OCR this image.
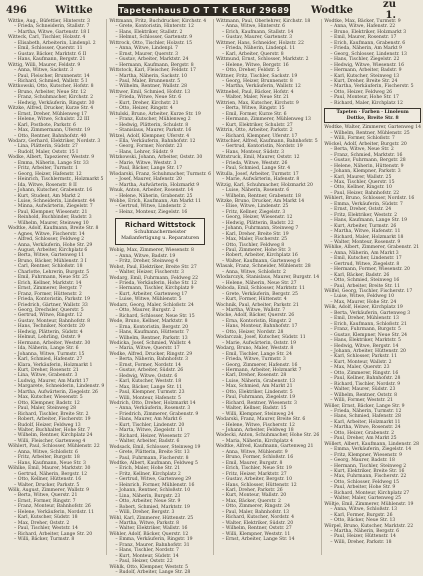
496	Wittke	Tapetenhaus D O T T K E Ruf 29689	Wodtke	zu 1.
Wittke, Aug., Büfettier, Hinterstr. 3
– Frieda, Schneiderin, Stallstr. 7
– Martha, Witwe, Gartenstr. 18 I
Witteck, Carl, Tischler, Holzstr. 4
– Elisabeth, Arbeiterin, Lindenpl. 2
– Emil, Schlosser, Querstr. 11
– Gustav, Bäcker, Marktstr. 6 II
– Hans, Kaufmann, Bergstr. 21
Wittig, Willi, Maurer, Feldstr. 9
– Anna, Witwe, Sackstr. 3
– Paul, Fleischer, Brunnenstr. 14
– Richard, Schmied, Wallstr. 5 I
Wittkowski, Otto, Kutscher, Hofstr. 8
– Bruno, Arbeiter, Neue Str. 12
– Franz, Schuhmacher, Kirchstr. 2
– Hedwig, Verkäuferin, Ringstr. 30
Witzke, Alfred, Drucker, Kurze Str. 4
– Ernst, Dreher, Mühlenweg 17
– Helene, Witwe, Schulstr. 22 III
– Karl, Postbote, Parkstr. 6
– Max, Zimmermann, Uferstr. 19
– Otto, Rentner, Bahnhofstr. 40
Wodarz, Gerhard, Elektriker, Nordstr. 3
– Lina, Plätterin, Südstr. 27
– Rudolf, Maler, Oststr. 15 I
Wodke, Albert, Tapezierer, Weststr. 9
– Emma, Näherin, Lange Str. 33
– Fritz, Arbeiter, Turmstr. 1
– Georg, Heizer, Hafenstr. 12
– Heinrich, Tischlermstr., Holzmarkt 5
– Ida, Witwe, Rosenstr. 8 II
– Johann, Kutscher, Grabenstr. 16
– Kurt, Student, Am Markt 2
– Luise, Schneiderin, Lindenstr. 44
– Minna, Aufwärterin, Ziegelstr. 7
– Paul, Klempner, Wiesenstr. 21
– Reinhold, Buchbinder, Badstr. 3
– Wilhelm, Maurer, Steinweg 10
Wodtke, Adolf, Kaufmann, Breite Str. 8
– Agnes, Witwe, Fischerstr. 14
– Alfred, Schlosser, Feldweg 2
– Anna, Verkäuferin, Hohe Str. 29
– August, Arbeiter, Kirchplatz 6
– Berta, Witwe, Gartenweg 11
– Bruno, Bäcker, Mühlenstr. 3 I
– Carl, Rentner, Schloßstr. 18
– Charlotte, Lehrerin, Burgstr. 5
– Emil, Fuhrmann, Neue Str. 25
– Erich, Kellner, Marktstr. 14
– Ernst, Zimmerer, Bergstr. 7
– Franz, Former, Hüttenstr. 2
– Frieda, Kontoristin, Parkstr. 19
– Friedrich, Gärtner, Wallstr. 33
– Georg, Drechsler, Querstr. 5
– Gertrud, Witwe, Ringstr. 12
– Gustav, Monteur, Bahnhofstr. 8
– Hans, Techniker, Nordstr. 20
– Hedwig, Plätterin, Südstr. 4
– Helmut, Lehrling, Oststr. 9
– Hermann, Arbeiter, Weststr. 30
– Ida, Näherin, Lange Str. 6
– Johanna, Witwe, Turmstr. 15
– Karl, Schmied, Hafenstr. 27
– Klara, Verkäuferin, Holzmarkt 1
– Kurt, Dreher, Rosenstr. 21
– Lina, Witwe, Grabenstr. 3
– Ludwig, Maurer, Am Markt 17
– Margarete, Schneiderin, Lindenstr. 9
– Martha, Aufwärterin, Ziegelstr. 26
– Max, Kutscher, Wiesenstr. 5
– Otto, Klempner, Badstr. 12
– Paul, Maler, Steinweg 28
– Richard, Tischler, Breite Str. 2
– Robert, Arbeiter, Fischerstr. 19
– Rudolf, Heizer, Feldweg 13
– Walter, Buchhalter, Hohe Str. 7
– Wilhelm, Rentner, Kirchplatz 24
– Willi, Fleischer, Gartenweg 4
Wöhlert, Paul, Schlosser, Mühlenstr. 22
– Anna, Witwe, Schloßstr. 6
– Fritz, Arbeiter, Burgstr. 18
– Hans, Kaufmann, Neue Str. 3
Wöhlke, Emil, Maurer, Marktstr. 30
– Gertrud, Näherin, Bergstr. 12
– Otto, Kellner, Hüttenstr. 16
– Walter, Drucker, Parkstr. 5
Wölk, August, Zimmerer, Wallstr. 9
– Berta, Witwe, Querstr. 21
– Ernst, Former, Ringstr. 7
– Franz, Monteur, Bahnhofstr. 26
– Helene, Verkäuferin, Nordstr. 11
– Karl, Kutscher, Südstr. 18
– Max, Dreher, Oststr. 2
– Paul, Tischler, Weststr. 14
– Richard, Arbeiter, Lange Str. 20
– Willi, Bäcker, Turmstr. 8
Wittmann, Fritz, Buchdrucker, Kirchstr. 4
– Grete, Kontoristin, Hinterstr. 12
– Hans, Elektriker, Stallstr. 2
– Helmut, Schlosser, Gartenstr. 9
Wittrock, Otto, Tischler, Holzstr. 15
– Anna, Witwe, Lindenpl. 7
– Ernst, Maurer, Querstr. 3
– Gustav, Arbeiter, Marktstr. 24
– Hermann, Kaufmann, Bergstr. 8
Wittstock, Karl, Fleischer, Feldstr. 17
– Martha, Näherin, Sackstr. 10
– Paul, Maler, Brunnenstr. 5
– Wilhelm, Rentner, Wallstr. 28
Wittwer, Emil, Schmied, Hofstr. 13
– Frieda, Witwe, Neue Str. 6
– Kurt, Dreher, Kirchstr. 21
– Otto, Heizer, Ringstr. 4
Witulski, Bruno, Arbeiter, Kurze Str. 19
– Franz, Kutscher, Mühlenweg 2
– Hedwig, Plätterin, Schulstr. 8
– Stanislaus, Maurer, Parkstr. 16
Witzel, Adolf, Klempner, Uferstr. 4
– Ella, Verkäuferin, Bahnhofstr. 12
– Georg, Former, Nordstr. 23
– Hans, Lehrer, Südstr. 9
Witzkowski, Johann, Arbeiter, Oststr. 30
– Marie, Witwe, Weststr. 3
– Paul, Bäcker, Lange Str. 17
Wlodarski, Franz, Schuhmacher, Turmstr. 6
– Josef, Maurer, Hafenstr. 20
– Martha, Aufwärterin, Holzmarkt 9
Wnuk, Anton, Arbeiter, Rosenstr. 14
– Helene, Näherin, Grabenstr. 25
Wobbe, Erich, Kaufmann, Am Markt 11
– Gertrud, Witwe, Lindenstr. 2
– Heinz, Monteur, Ziegelstr. 16
Richard Wittstock
Schuhmachermeister
Maßanfertigung u. Reparaturen
Wobig, Max, Zimmerer, Wiesenstr. 8
– Anna, Witwe, Badstr. 19
– Fritz, Dreher, Steinweg 4
Wobst, Paul, Elektriker, Breite Str. 27
– Walter, Heizer, Fischerstr. 3
Wodarg, Emil, Fuhrmann, Feldweg 22
– Frieda, Verkäuferin, Hohe Str. 12
– Hermann, Tischler, Kirchplatz 9
– Kurt, Arbeiter, Gartenweg 17
– Luise, Witwe, Mühlenstr. 5
Wodarz, Georg, Maler, Schloßstr. 24
– Otto, Maurer, Burgstr. 2
– Richard, Schlosser, Neue Str. 15
Wode, Bruno, Kellner, Marktstr. 8
– Erna, Kontoristin, Bergstr. 20
– Hans, Kaufmann, Hüttenstr. 7
– Wilhelm, Rentner, Parkstr. 13
Wodicka, Josef, Schmied, Wallstr. 4
– Maria, Witwe, Querstr. 17
Wodke, Alfred, Drucker, Ringstr. 29
– Berta, Näherin, Bahnhofstr. 3
– Ernst, Former, Nordstr. 14
– Gustav, Arbeiter, Südstr. 26
– Hedwig, Witwe, Oststr. 6
– Karl, Kutscher, Weststr. 18
– Max, Bäcker, Lange Str. 11
– Paul, Klempner, Turmstr. 23
– Willi, Monteur, Hafenstr. 5
Wodrich, Otto, Dreher, Holzmarkt 14
– Anna, Verkäuferin, Rosenstr. 3
– Friedrich, Zimmerer, Grabenstr. 9
– Hans, Maurer, Am Markt 6
– Kurt, Tischler, Lindenstr. 20
– Marta, Witwe, Ziegelstr. 11
– Richard, Heizer, Wiesenstr. 27
– Walter, Arbeiter, Badstr. 6
Wodsack, Emil, Schlosser, Steinweg 19
– Grete, Plätterin, Breite Str. 13
– Paul, Fuhrmann, Fischerstr. 8
Wodtke, Albert, Kaufmann, Feldweg 5
– Erich, Maler, Hohe Str. 21
– Fritz, Kellner, Kirchplatz 2
– Gertrud, Witwe, Gartenweg 29
– Heinrich, Former, Mühlenstr. 16
– Johann, Rentner, Schloßstr. 10
– Lina, Näherin, Burgstr. 23
– Otto, Arbeiter, Neue Str. 9
– Robert, Schmied, Marktstr. 19
– Willi, Dreher, Bergstr. 3
Wöhl, Karl, Zimmerer, Hüttenstr. 25
– Martha, Witwe, Parkstr. 8
– Walter, Elektriker, Wallstr. 16
Wöhler, Adolf, Bäcker, Querstr. 12
– Emma, Verkäuferin, Ringstr. 19
– Franz, Maurer, Bahnhofstr. 31
– Hans, Tischler, Nordstr. 7
– Kurt, Monteur, Südstr. 14
– Paul, Heizer, Oststr. 22
Wöhlk, Otto, Klempner, Weststr. 5
– Rudolf, Arbeiter, Lange Str. 28
Wittmann, Paul, Oberlehrer, Kirchstr. 18
– Anna, Witwe, Hinterstr. 6
– Erich, Kaufmann, Stallstr. 14
– Gustav, Maurer, Gartenstr. 3
Wittmer, Hans, Schneider, Holzstr. 22
– Frieda, Näherin, Lindenpl. 11
– Karl, Arbeiter, Querstr. 8
Wittmund, Ernst, Schlosser, Marktstr. 2
– Helene, Witwe, Bergstr. 16
– Otto, Dreher, Feldstr. 5
Wittner, Fritz, Tischler, Sackstr. 19
– Georg, Heizer, Brunnenstr. 8
– Martha, Verkäuferin, Wallstr. 12
Wittnebel, Paul, Bäcker, Hofstr. 4
– Walter, Maler, Neue Str. 21
Wittrien, Max, Kutscher, Kirchstr. 9
– Berta, Witwe, Ringstr. 15
– Emil, Former, Kurze Str. 6
– Hermann, Zimmerer, Mühlenweg 13
– Kurt, Elektriker, Schulstr. 27
Wittrin, Otto, Arbeiter, Parkstr. 2
– Richard, Klempner, Uferstr. 17
Wittschier, Alfred, Kaufmann, Bahnhofstr. 5
– Gertrud, Kontoristin, Nordstr. 19
– Hans, Monteur, Südstr. 3
Wittstruck, Emil, Maurer, Oststr. 12
– Frieda, Witwe, Weststr. 26
– Paul, Schmied, Lange Str. 4
Witulla, Josef, Arbeiter, Turmstr. 17
– Marie, Aufwärterin, Hafenstr. 8
Witzig, Karl, Schuhmacher, Holzmarkt 20
– Luise, Näherin, Rosenstr. 6
– Wilhelm, Rentner, Grabenstr. 18
Witzke, Bruno, Drucker, Am Markt 14
– Elise, Witwe, Lindenstr. 25
– Fritz, Kellner, Ziegelstr. 3
– Georg, Heizer, Wiesenstr. 12
– Hedwig, Plätterin, Badstr. 22
– Johann, Fuhrmann, Steinweg 7
– Karl, Dreher, Breite Str. 19
– Max, Maler, Fischerstr. 25
– Otto, Tischler, Feldweg 8
– Paul, Zimmerer, Hohe Str. 3
– Robert, Arbeiter, Kirchplatz 16
– Walter, Kaufmann, Gartenweg 6
Wlasak, Franz, Schneider, Mühlenstr. 28
– Anna, Witwe, Schloßstr. 2
Wlodarczyk, Stanislaus, Maurer, Burgstr. 14
– Helene, Näherin, Neue Str. 27
Woboda, Emil, Schlosser, Marktstr. 11
– Grete, Verkäuferin, Bergstr. 25
– Kurt, Former, Hüttenstr. 4
Wochnik, Paul, Arbeiter, Parkstr. 21
– Martha, Witwe, Wallstr. 7
Wocke, Adolf, Bäcker, Querstr. 26
– Erna, Kontoristin, Ringstr. 2
– Hans, Monteur, Bahnhofstr. 17
– Otto, Heizer, Nordstr. 28
Wodarczak, Josef, Kutscher, Südstr. 11
– Marie, Aufwärterin, Oststr. 19
Wodarg, Bruno, Maler, Weststr. 8
– Emil, Tischler, Lange Str. 24
– Frieda, Witwe, Turmstr. 3
– Georg, Zimmerer, Hafenstr. 16
– Hermann, Arbeiter, Holzmarkt 7
– Karl, Dreher, Rosenstr. 28
– Luise, Näherin, Grabenstr. 13
– Max, Schmied, Am Markt 21
– Otto, Elektriker, Lindenstr. 5
– Paul, Fuhrmann, Ziegelstr. 19
– Richard, Rentner, Wiesenstr. 3
– Walter, Kellner, Badstr. 15
– Willi, Klempner, Steinweg 24
Wodarski, Franz, Maurer, Breite Str. 6
– Helene, Witwe, Fischerstr. 12
– Johann, Arbeiter, Feldweg 18
Wodecki, Anton, Schuhmacher, Hohe Str. 26
– Maria, Näherin, Kirchplatz 4
Wodtke, Alfred, Kaufmann, Gartenweg 21
– Anna, Witwe, Mühlenstr. 9
– Bruno, Former, Schloßstr. 16
– Emil, Maurer, Burgstr. 8
– Erich, Tischler, Neue Str. 19
– Fritz, Heizer, Marktstr. 27
– Gustav, Arbeiter, Bergstr. 10
– Hans, Schlosser, Hüttenstr. 12
– Karl, Dreher, Parkstr. 26
– Kurt, Monteur, Wallstr. 20
– Max, Bäcker, Querstr. 2
– Otto, Zimmerer, Ringstr. 24
– Paul, Maler, Bahnhofstr. 13
– Richard, Kutscher, Nordstr. 4
– Walter, Elektriker, Südstr. 20
– Wilhelm, Rentner, Oststr. 27
– Willi, Klempner, Weststr. 11
– Ernst, Arbeiter, Lange Str. 14
Wodtke, Max, Bäcker, Turmstr. 9
– Anna, Witwe, Hafenstr. 22
– Bruno, Elektriker, Holzmarkt 3
– Emil, Maurer, Rosenstr. 17
– Erich, Kaufmann, Grabenstr. 6
– Frieda, Näherin, Am Markt 9
– Georg, Schlosser, Lindenstr. 13
– Hans, Tischler, Ziegelstr. 22
– Hedwig, Witwe, Wiesenstr. 16
– Hermann, Arbeiter, Badstr. 9
– Karl, Kutscher, Steinweg 13
– Kurt, Dreher, Breite Str. 24
– Martha, Verkäuferin, Fischerstr. 5
– Otto, Heizer, Feldweg 26
– Paul, Monteur, Hohe Str. 17
– Richard, Maler, Kirchplatz 12
Tapeten · Farben · Linoleum
Dottke, Breite Str. 8
Wodtke, Walter, Zimmerer, Gartenweg 14
– Wilhelm, Rentner, Mühlenstr. 25
– Willi, Former, Schloßstr. 7
Wöckel, Adolf, Arbeiter, Burgstr. 20
– Berta, Witwe, Neue Str. 2
– Franz, Schmied, Marktstr. 16
– Gustav, Fuhrmann, Bergstr. 28
– Helene, Näherin, Hüttenstr. 9
– Johann, Klempner, Parkstr. 3
– Karl, Maurer, Wallstr. 25
– Max, Tischler, Querstr. 15
– Otto, Kellner, Ringstr. 10
– Paul, Heizer, Bahnhofstr. 22
Wöhlert, Bruno, Schlosser, Nordstr. 16
– Emma, Verkäuferin, Südstr. 7
– Ernst, Dreher, Oststr. 24
– Fritz, Elektriker, Weststr. 2
– Hans, Kaufmann, Lange Str. 19
– Kurt, Arbeiter, Turmstr. 26
– Martha, Witwe, Hafenstr. 11
– Richard, Maler, Holzmarkt 18
– Walter, Monteur, Rosenstr. 9
Wöhlke, Albert, Zimmerer, Grabenstr. 21
– Anna, Näherin, Am Markt 3
– Emil, Kutscher, Lindenstr. 17
– Gertrud, Witwe, Ziegelstr. 8
– Hermann, Former, Wiesenstr. 20
– Karl, Bäcker, Badstr. 26
– Otto, Schmied, Steinweg 16
– Paul, Arbeiter, Breite Str. 11
Wölfel, Georg, Tischler, Fischerstr. 17
– Luise, Witwe, Feldweg 10
– Max, Maurer, Hohe Str. 24
Wölk, Adolf, Heizer, Kirchplatz 19
– Berta, Verkäuferin, Gartenweg 3
– Emil, Dreher, Mühlenstr. 13
– Erich, Kaufmann, Schloßstr. 21
– Franz, Fuhrmann, Burgstr. 5
– Gustav, Klempner, Neue Str. 24
– Hans, Elektriker, Marktstr. 5
– Hedwig, Witwe, Bergstr. 14
– Johann, Arbeiter, Hüttenstr. 20
– Karl, Schlosser, Parkstr. 11
– Kurt, Monteur, Wallstr. 2
– Max, Maler, Querstr. 23
– Otto, Zimmerer, Ringstr. 16
– Paul, Kellner, Bahnhofstr. 28
– Richard, Tischler, Nordstr. 9
– Walter, Maurer, Südstr. 23
– Wilhelm, Rentner, Oststr. 8
– Willi, Former, Weststr. 21
Wöller, Ernst, Bäcker, Lange Str. 9
– Frieda, Näherin, Turmstr. 12
– Hans, Schmied, Hafenstr. 28
– Karl, Arbeiter, Holzmarkt 11
– Martha, Witwe, Rosenstr. 24
– Otto, Heizer, Grabenstr. 2
– Paul, Dreher, Am Markt 25
Wöllert, Albert, Kaufmann, Lindenstr. 28
– Emma, Verkäuferin, Ziegelstr. 14
– Fritz, Klempner, Wiesenstr. 9
– Georg, Maurer, Badstr. 18
– Hermann, Tischler, Steinweg 2
– Kurt, Elektriker, Breite Str. 16
– Max, Fuhrmann, Fischerstr. 22
– Otto, Schlosser, Feldweg 15
– Paul, Arbeiter, Hohe Str. 9
– Richard, Monteur, Kirchplatz 27
– Walter, Maler, Gartenweg 25
Wöltje, Emil, Zimmerer, Mühlenstr. 19
– Anna, Witwe, Schloßstr. 13
– Karl, Former, Burgstr. 26
– Otto, Bäcker, Neue Str. 13
Wörpel, Bruno, Kutscher, Marktstr. 22
– Martha, Näherin, Bergstr. 6
– Paul, Heizer, Hüttenstr. 14
– Willi, Dreher, Parkstr. 18
